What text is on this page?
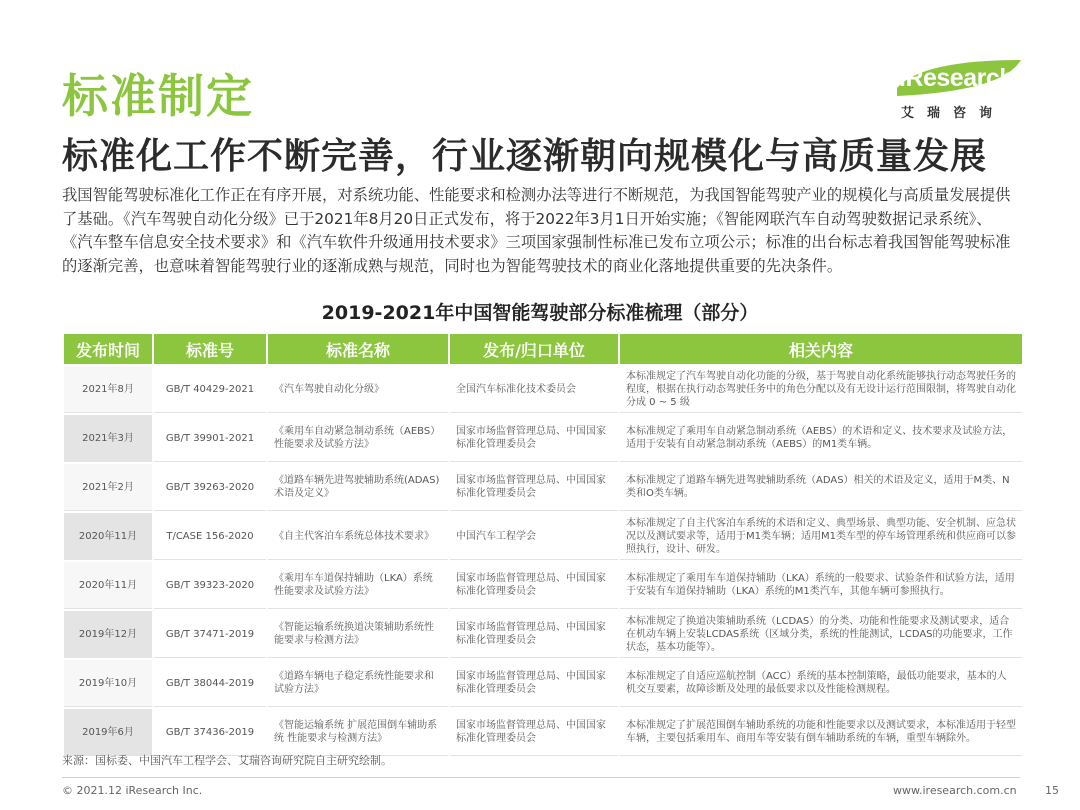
标准制定
标准化工作不断完善，行业逐渐朝向规模化与高质量发展
iResearch
艾瑞咨询
我国智能驾驶标准化工作正在有序开展，对系统功能、性能要求和检测办法等进行不断规范，为我国智能驾驶产业的规模化与高质量发展提供了基础。《汽车驾驶自动化分级》已于2021年8月20日正式发布，将于2022年3月1日开始实施；《智能网联汽车自动驾驶数据记录系统》、《汽车整车信息安全技术要求》和《汽车软件升级通用技术要求》三项国家强制性标准已发布立项公示；标准的出台标志着我国智能驾驶标准的逐渐完善，也意味着智能驾驶行业的逐渐成熟与规范，同时也为智能驾驶技术的商业化落地提供重要的先决条件。
2019-2021年中国智能驾驶部分标准梳理（部分）
发布时间	标准号	标准名称	发布/归口单位	相关内容
2021年8月	GB/T 40429-2021	《汽车驾驶自动化分级》	全国汽车标准化技术委员会	本标准规定了汽车驾驶自动化功能的分级，基于驾驶自动化系统能够执行动态驾驶任务的程度，根据在执行动态驾驶任务中的角色分配以及有无设计运行范围限制，将驾驶自动化分成 0 ~ 5 级
2021年3月	GB/T 39901-2021	《乘用车自动紧急制动系统（AEBS）性能要求及试验方法》	国家市场监督管理总局、中国国家标准化管理委员会	本标准规定了乘用车自动紧急制动系统（AEBS）的术语和定义、技术要求及试验方法，适用于安装有自动紧急制动系统（AEBS）的M1类车辆。
2021年2月	GB/T 39263-2020	《道路车辆先进驾驶辅助系统(ADAS)术语及定义》	国家市场监督管理总局、中国国家标准化管理委员会	本标准规定了道路车辆先进驾驶辅助系统（ADAS）相关的术语及定义，适用于M类、N类和O类车辆。
2020年11月	T/CASE 156-2020	《自主代客泊车系统总体技术要求》	中国汽车工程学会	本标准规定了自主代客泊车系统的术语和定义、典型场景、典型功能、安全机制、应急状况以及测试要求等，适用于M1类车辆；适用M1类车型的停车场管理系统和供应商可以参照执行，设计、研发。
2020年11月	GB/T 39323-2020	《乘用车车道保持辅助（LKA）系统性能要求及试验方法》	国家市场监督管理总局、中国国家标准化管理委员会	本标准规定了乘用车车道保持辅助（LKA）系统的一般要求、试验条件和试验方法，适用于安装有车道保持辅助（LKA）系统的M1类汽车，其他车辆可参照执行。
2019年12月	GB/T 37471-2019	《智能运输系统换道决策辅助系统性能要求与检测方法》	国家市场监督管理总局、中国国家标准化管理委员会	本标准规定了换道决策辅助系统（LCDAS）的分类、功能和性能要求及测试要求，适合在机动车辆上安装LCDAS系统（区域分类，系统的性能测试，LCDAS的功能要求，工作状态，基本功能等）。
2019年10月	GB/T 38044-2019	《道路车辆电子稳定系统性能要求和试验方法》	国家市场监督管理总局、中国国家标准化管理委员会	本标准规定了自适应巡航控制（ACC）系统的基本控制策略，最低功能要求，基本的人机交互要素，故障诊断及处理的最低要求以及性能检测规程。
2019年6月	GB/T 37436-2019	《智能运输系统 扩展范围倒车辅助系统 性能要求与检测方法》	国家市场监督管理总局、中国国家标准化管理委员会	本标准规定了扩展范围倒车辅助系统的功能和性能要求以及测试要求，本标准适用于轻型车辆，主要包括乘用车、商用车等安装有倒车辅助系统的车辆，重型车辆除外。
来源：国标委、中国汽车工程学会、艾瑞咨询研究院自主研究绘制。
© 2021.12 iResearch Inc.	www.iresearch.com.cn	15
